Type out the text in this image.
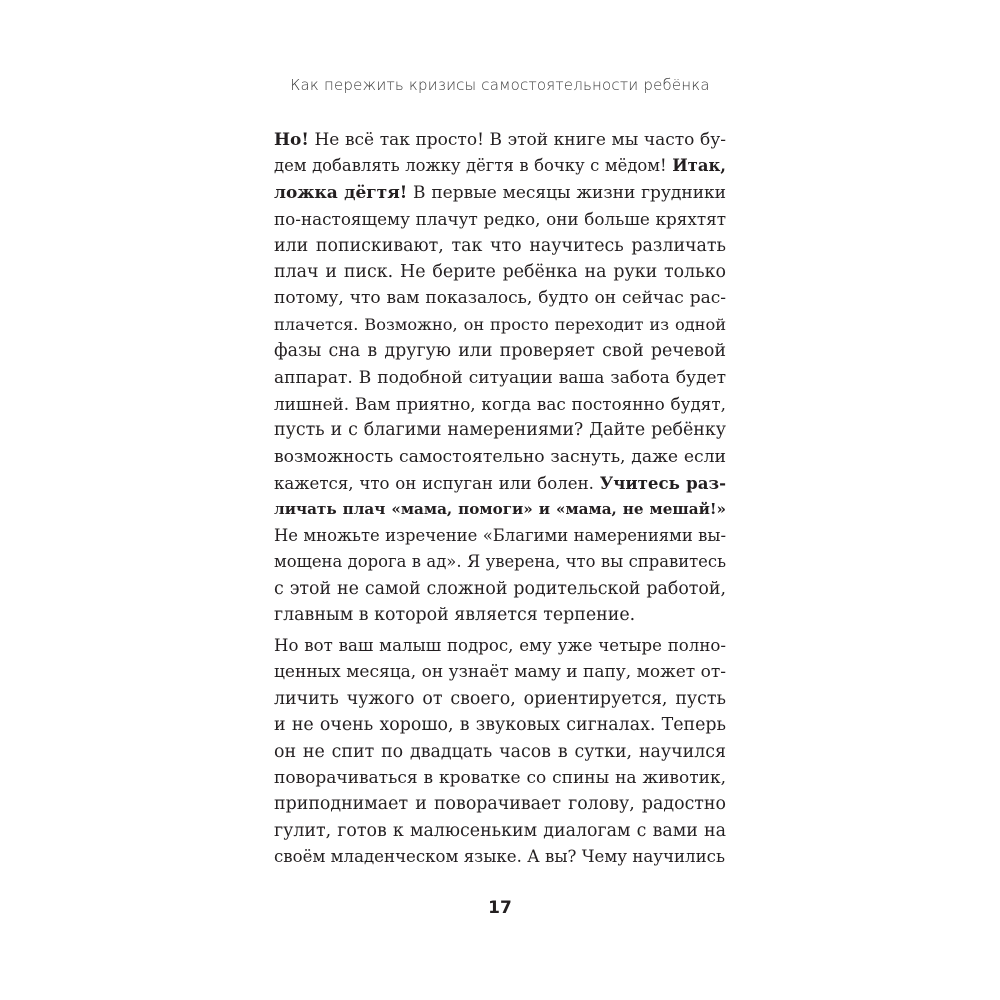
Как пережить кризисы самостоятельности ребёнка
Но! Не всё так просто! В этой книге мы часто бу-
дем добавлять ложку дёгтя в бочку с мёдом! Итак,
ложка дёгтя! В первые месяцы жизни грудники
по-настоящему плачут редко, они больше кряхтят
или попискивают, так что научитесь различать
плач и писк. Не берите ребёнка на руки только
потому, что вам показалось, будто он сейчас рас-
плачется. Возможно, он просто переходит из одной
фазы сна в другую или проверяет свой речевой
аппарат. В подобной ситуации ваша забота будет
лишней. Вам приятно, когда вас постоянно будят,
пусть и с благими намерениями? Дайте ребёнку
возможность самостоятельно заснуть, даже если
кажется, что он испуган или болен. Учитесь раз-
личать плач «мама, помоги» и «мама, не мешай!»
Не множьте изречение «Благими намерениями вы-
мощена дорога в ад». Я уверена, что вы справитесь
с этой не самой сложной родительской работой,
главным в которой является терпение.
Но вот ваш малыш подрос, ему уже четыре полно-
ценных месяца, он узнаёт маму и папу, может от-
личить чужого от своего, ориентируется, пусть
и не очень хорошо, в звуковых сигналах. Теперь
он не спит по двадцать часов в сутки, научился
поворачиваться в кроватке со спины на животик,
приподнимает и поворачивает голову, радостно
гулит, готов к малюсеньким диалогам с вами на
своём младенческом языке. А вы? Чему научились
17
